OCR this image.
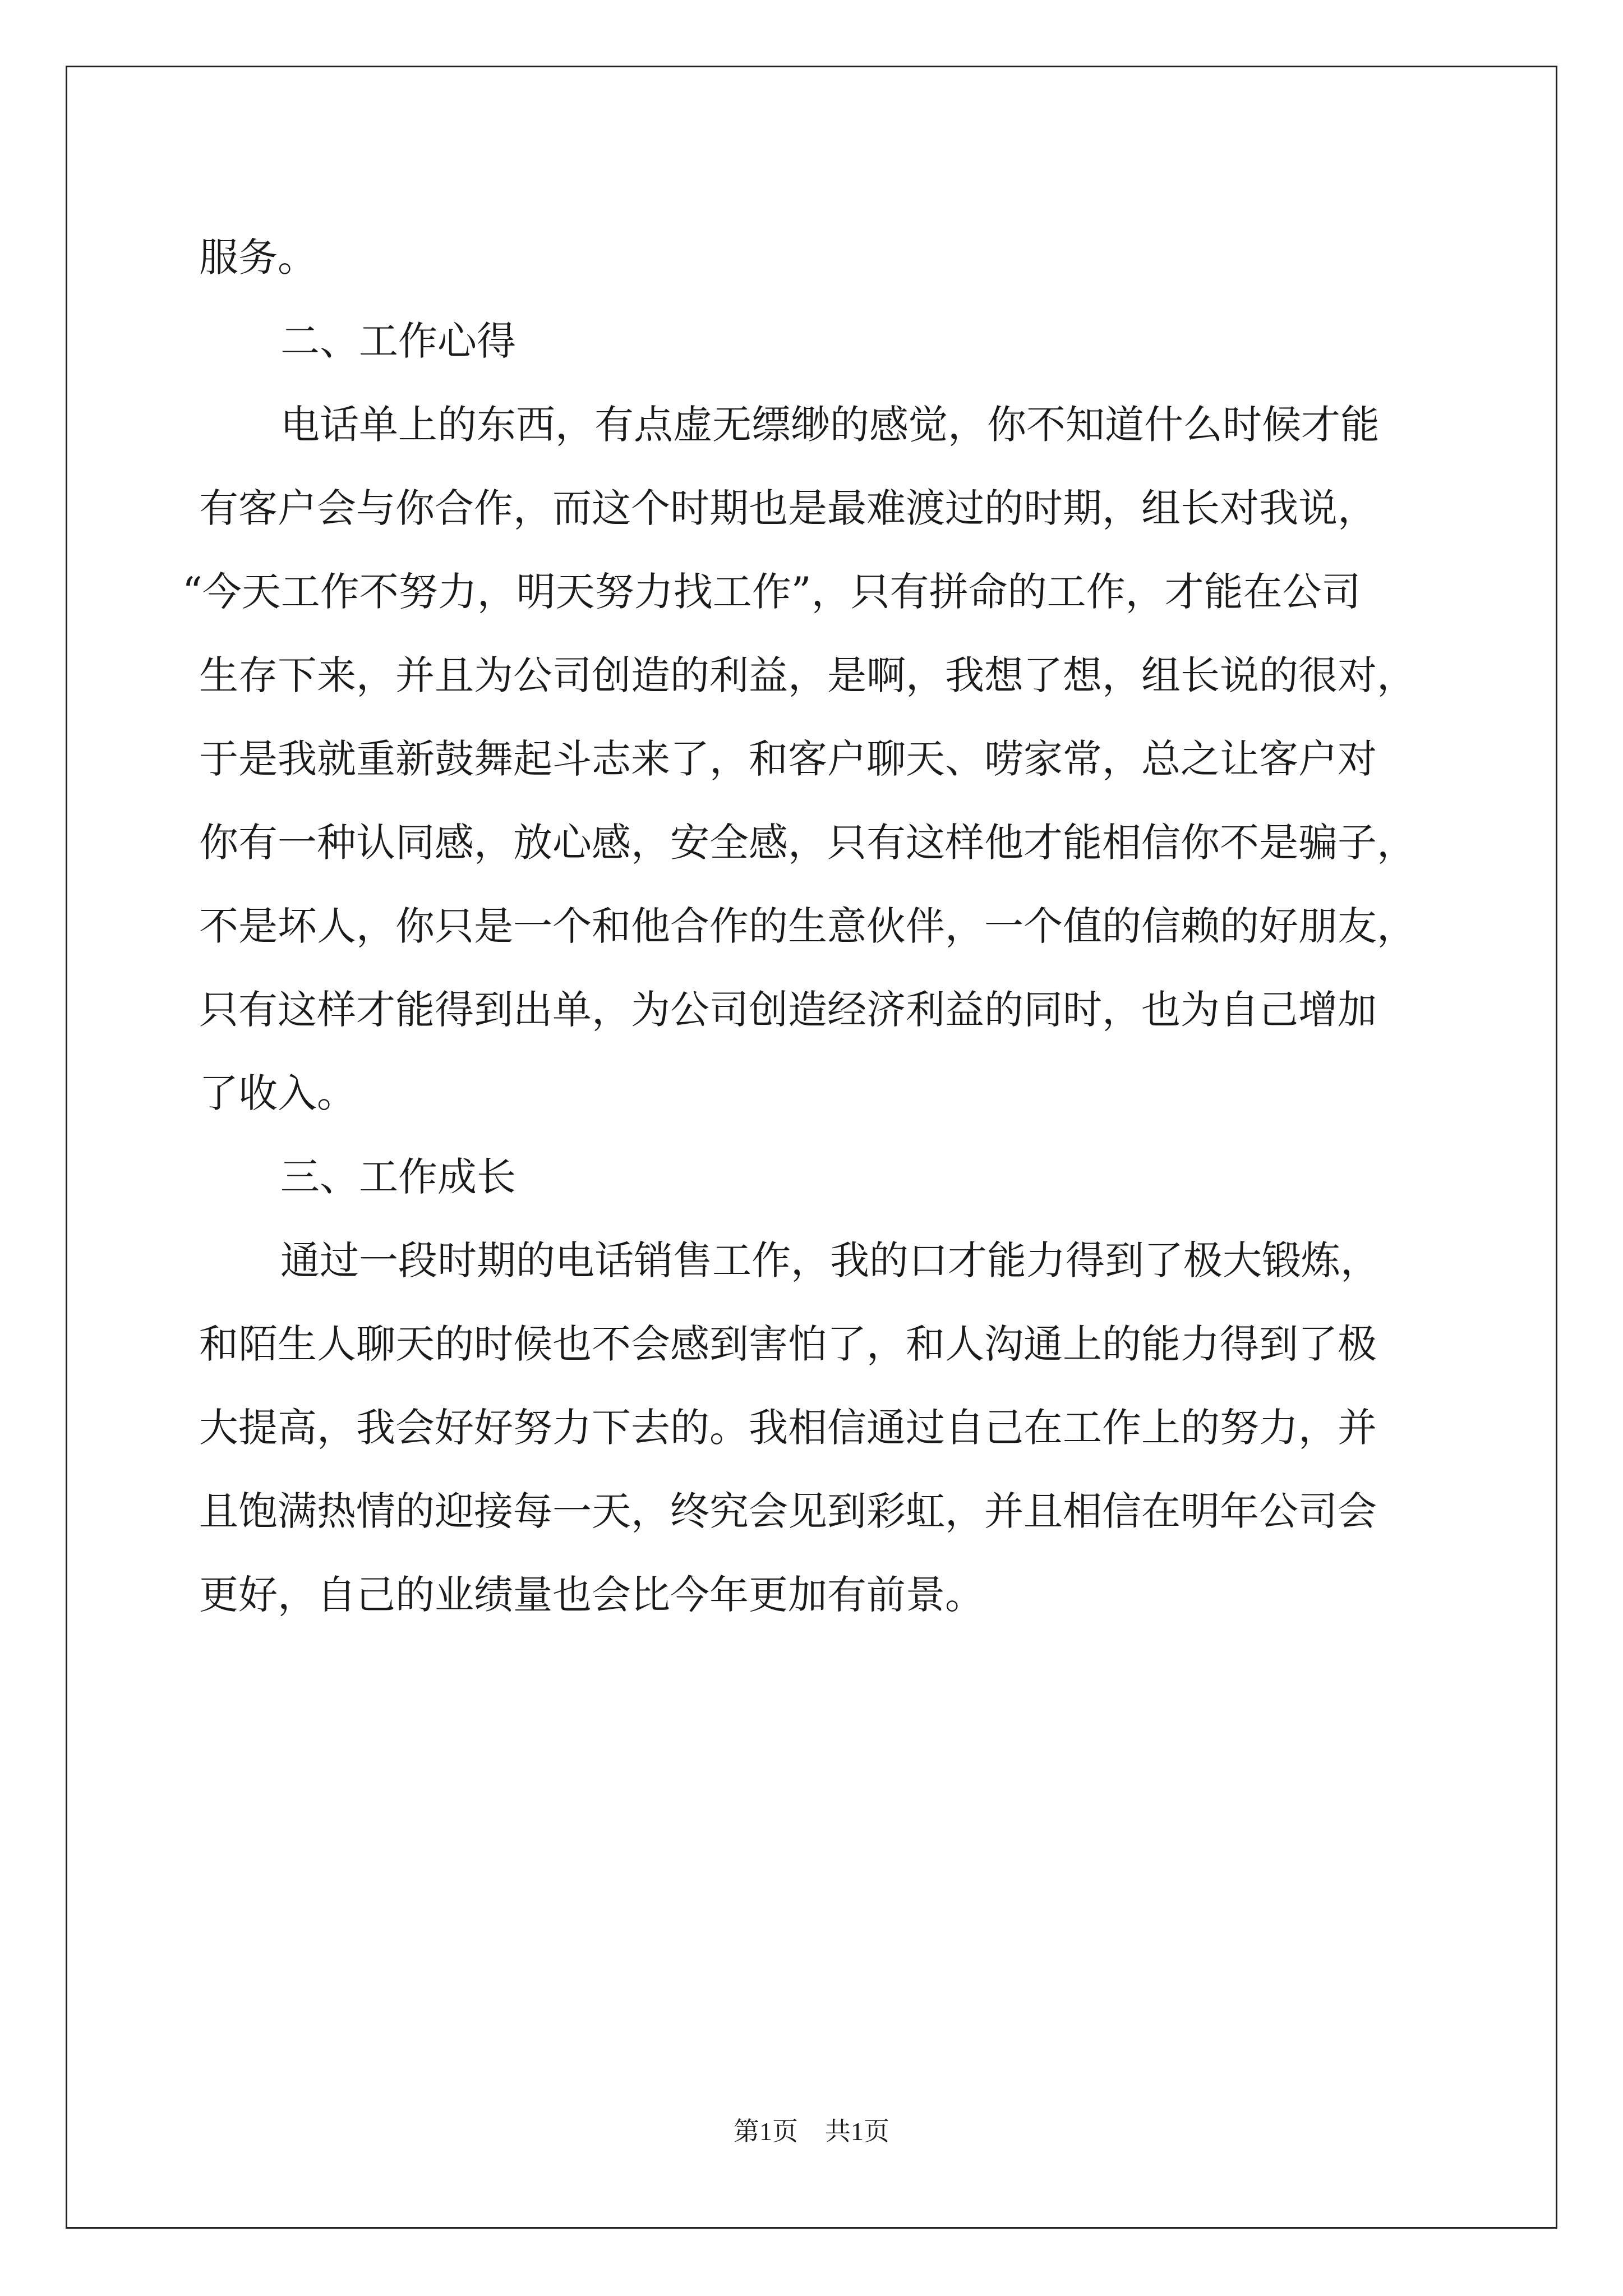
服务。
二、工作心得
电话单上的东西，有点虚无缥缈的感觉，你不知道什么时候才能
有客户会与你合作，而这个时期也是最难渡过的时期，组长对我说，
“今天工作不努力，明天努力找工作”，只有拼命的工作，才能在公司
生存下来，并且为公司创造的利益，是啊，我想了想，组长说的很对，
于是我就重新鼓舞起斗志来了，和客户聊天、唠家常，总之让客户对
你有一种认同感，放心感，安全感，只有这样他才能相信你不是骗子，
不是坏人，你只是一个和他合作的生意伙伴，一个值的信赖的好朋友，
只有这样才能得到出单，为公司创造经济利益的同时，也为自己增加
了收入。
三、工作成长
通过一段时期的电话销售工作，我的口才能力得到了极大锻炼，
和陌生人聊天的时候也不会感到害怕了，和人沟通上的能力得到了极
大提高，我会好好努力下去的。我相信通过自己在工作上的努力，并
且饱满热情的迎接每一天，终究会见到彩虹，并且相信在明年公司会
更好，自己的业绩量也会比今年更加有前景。
第1页 共1页
